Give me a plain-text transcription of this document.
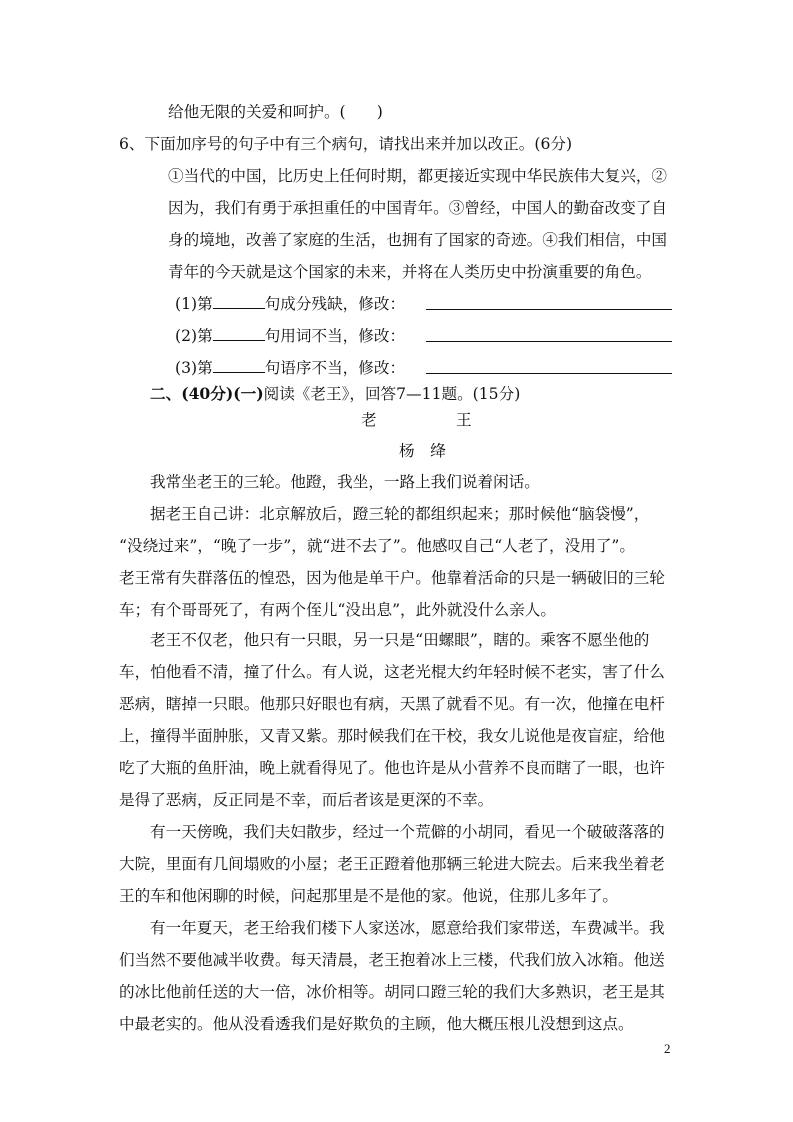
给他无限的关爱和呵护。(　　)
6、下面加序号的句子中有三个病句，请找出来并加以改正。(6分)
①当代的中国，比历史上任何时期，都更接近实现中华民族伟大复兴，②
因为，我们有勇于承担重任的中国青年。③曾经，中国人的勤奋改变了自
身的境地，改善了家庭的生活，也拥有了国家的奇迹。④我们相信，中国
青年的今天就是这个国家的未来，并将在人类历史中扮演重要的角色。
(1)第	句成分残缺，修改：
(2)第	句用词不当，修改：
(3)第	句语序不当，修改：
二、(40分)(一)阅读《老王》，回答7—11题。(15分)
老	王
杨　绛
我常坐老王的三轮。他蹬，我坐，一路上我们说着闲话。
据老王自己讲：北京解放后，蹬三轮的都组织起来；那时候他“脑袋慢”，
“没绕过来”，“晚了一步”，就“进不去了”。他感叹自己“人老了，没用了”。
老王常有失群落伍的惶恐，因为他是单干户。他靠着活命的只是一辆破旧的三轮
车；有个哥哥死了，有两个侄儿“没出息”，此外就没什么亲人。
老王不仅老，他只有一只眼，另一只是“田螺眼”，瞎的。乘客不愿坐他的
车，怕他看不清，撞了什么。有人说，这老光棍大约年轻时候不老实，害了什么
恶病，瞎掉一只眼。他那只好眼也有病，天黑了就看不见。有一次，他撞在电杆
上，撞得半面肿胀，又青又紫。那时候我们在干校，我女儿说他是夜盲症，给他
吃了大瓶的鱼肝油，晚上就看得见了。他也许是从小营养不良而瞎了一眼，也许
是得了恶病，反正同是不幸，而后者该是更深的不幸。
有一天傍晚，我们夫妇散步，经过一个荒僻的小胡同，看见一个破破落落的
大院，里面有几间塌败的小屋；老王正蹬着他那辆三轮进大院去。后来我坐着老
王的车和他闲聊的时候，问起那里是不是他的家。他说，住那儿多年了。
有一年夏天，老王给我们楼下人家送冰，愿意给我们家带送，车费减半。我
们当然不要他减半收费。每天清晨，老王抱着冰上三楼，代我们放入冰箱。他送
的冰比他前任送的大一倍，冰价相等。胡同口蹬三轮的我们大多熟识，老王是其
中最老实的。他从没看透我们是好欺负的主顾，他大概压根儿没想到这点。
2
